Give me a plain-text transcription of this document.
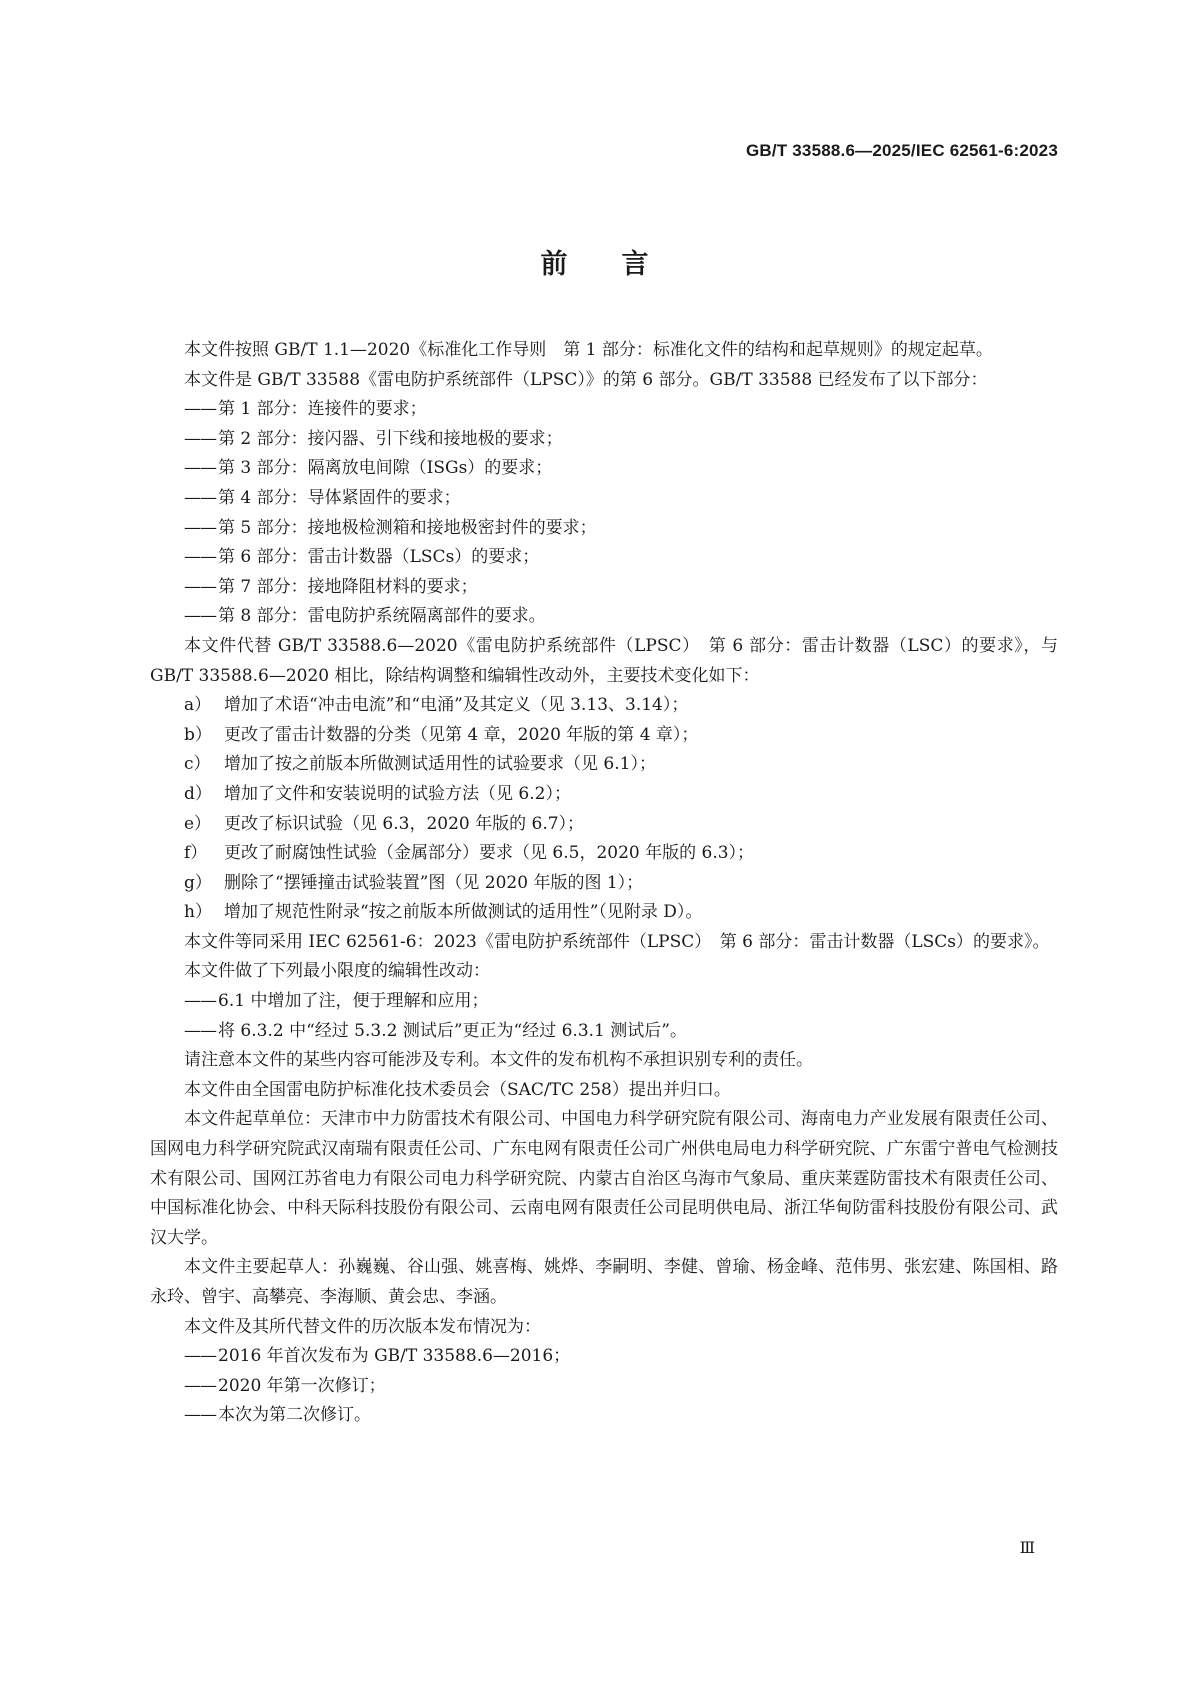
GB/T 33588.6—2025/IEC 62561-6:2023
前 言

本文件按照 GB/T 1.1—2020《标准化工作导则　第 1 部分：标准化文件的结构和起草规则》的规定起草。

本文件是 GB/T 33588《雷电防护系统部件（LPSC）》的第 6 部分。GB/T 33588 已经发布了以下部分：

—— 第 1 部分：连接件的要求；

—— 第 2 部分：接闪器、引下线和接地极的要求；

—— 第 3 部分：隔离放电间隙（ISGs）的要求；

—— 第 4 部分：导体紧固件的要求；

—— 第 5 部分：接地极检测箱和接地极密封件的要求；

—— 第 6 部分：雷击计数器（LSCs）的要求；

—— 第 7 部分：接地降阻材料的要求；

—— 第 8 部分：雷电防护系统隔离部件的要求。

本文件代替 GB/T 33588.6—2020《雷电防护系统部件（LPSC）　第 6 部分：雷击计数器（LSC）的要求》，与 GB/T 33588.6—2020 相比，除结构调整和编辑性改动外，主要技术变化如下：

a） 增加了术语“冲击电流”和“电涌”及其定义（见 3.13、3.14）；

b） 更改了雷击计数器的分类（见第 4 章，2020 年版的第 4 章）；

c） 增加了按之前版本所做测试适用性的试验要求（见 6.1）；

d） 增加了文件和安装说明的试验方法（见 6.2）；

e） 更改了标识试验（见 6.3，2020 年版的 6.7）；

f） 更改了耐腐蚀性试验（金属部分）要求（见 6.5，2020 年版的 6.3）；

g） 删除了“摆锤撞击试验装置”图（见 2020 年版的图 1）；

h） 增加了规范性附录“按之前版本所做测试的适用性”（见附录 D）。

本文件等同采用 IEC 62561-6：2023《雷电防护系统部件（LPSC）　第 6 部分：雷击计数器（LSCs）的要求》。

本文件做了下列最小限度的编辑性改动：

—— 6.1 中增加了注，便于理解和应用；

—— 将 6.3.2 中“经过 5.3.2 测试后”更正为“经过 6.3.1 测试后”。

请注意本文件的某些内容可能涉及专利。本文件的发布机构不承担识别专利的责任。

本文件由全国雷电防护标准化技术委员会（SAC/TC 258）提出并归口。

本文件起草单位：天津市中力防雷技术有限公司、中国电力科学研究院有限公司、海南电力产业发展有限责任公司、国网电力科学研究院武汉南瑞有限责任公司、广东电网有限责任公司广州供电局电力科学研究院、广东雷宁普电气检测技术有限公司、国网江苏省电力有限公司电力科学研究院、内蒙古自治区乌海市气象局、重庆莱霆防雷技术有限责任公司、中国标准化协会、中科天际科技股份有限公司、云南电网有限责任公司昆明供电局、浙江华甸防雷科技股份有限公司、武汉大学。

本文件主要起草人：孙巍巍、谷山强、姚喜梅、姚烨、李嗣明、李健、曾瑜、杨金峰、范伟男、张宏建、陈国相、路永玲、曾宇、高攀亮、李海顺、黄会忠、李涵。

本文件及其所代替文件的历次版本发布情况为：

—— 2016 年首次发布为 GB/T 33588.6—2016；

—— 2020 年第一次修订；

—— 本次为第二次修订。

Ⅲ
